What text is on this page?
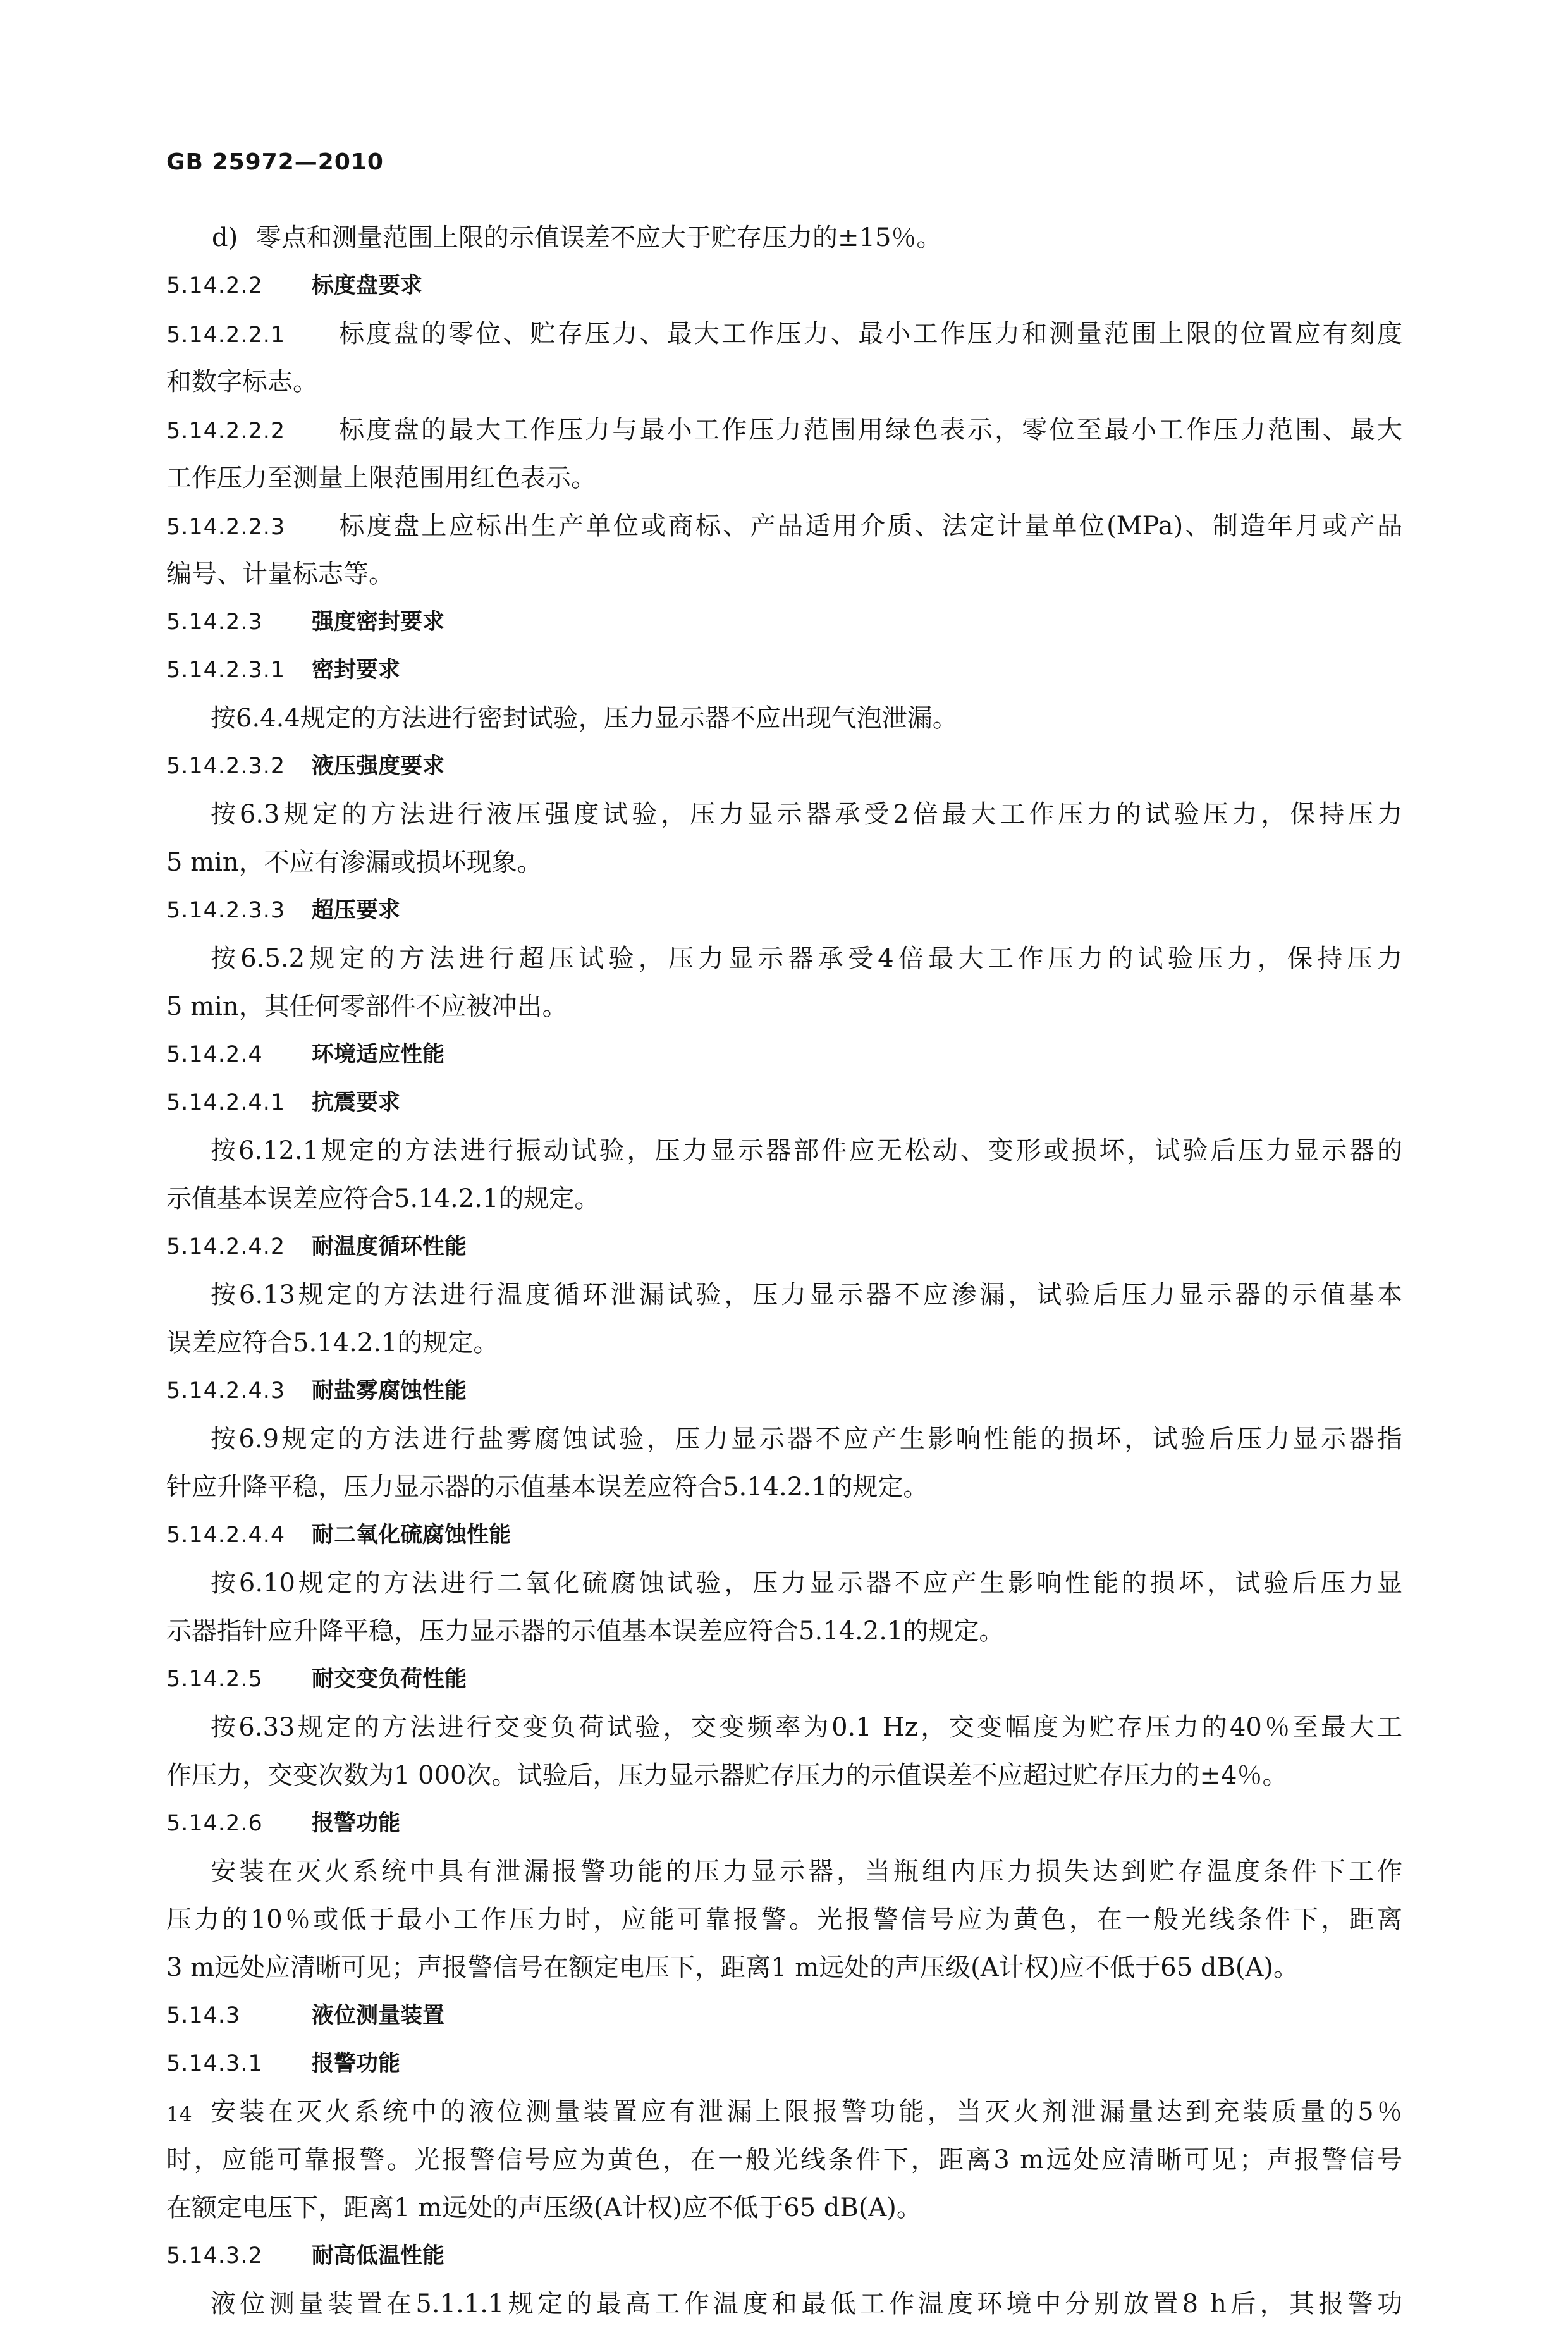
GB 25972—2010

d) 零点和测量范围上限的示值误差不应大于贮存压力的±15％。

5.14.2.2 标度盘要求

5.14.2.2.1 标度盘的零位、贮存压力、最大工作压力、最小工作压力和测量范围上限的位置应有刻度

和数字标志。

5.14.2.2.2 标度盘的最大工作压力与最小工作压力范围用绿色表示，零位至最小工作压力范围、最大

工作压力至测量上限范围用红色表示。

5.14.2.2.3 标度盘上应标出生产单位或商标、产品适用介质、法定计量单位(MPa)、制造年月或产品

编号、计量标志等。

5.14.2.3 强度密封要求

5.14.2.3.1 密封要求

按6.4.4规定的方法进行密封试验，压力显示器不应出现气泡泄漏。

5.14.2.3.2 液压强度要求

按6.3规定的方法进行液压强度试验，压力显示器承受2倍最大工作压力的试验压力，保持压力

5 min，不应有渗漏或损坏现象。

5.14.2.3.3 超压要求

按6.5.2规定的方法进行超压试验，压力显示器承受4倍最大工作压力的试验压力，保持压力

5 min，其任何零部件不应被冲出。

5.14.2.4 环境适应性能

5.14.2.4.1 抗震要求

按6.12.1规定的方法进行振动试验，压力显示器部件应无松动、变形或损坏，试验后压力显示器的

示值基本误差应符合5.14.2.1的规定。

5.14.2.4.2 耐温度循环性能

按6.13规定的方法进行温度循环泄漏试验，压力显示器不应渗漏，试验后压力显示器的示值基本

误差应符合5.14.2.1的规定。

5.14.2.4.3 耐盐雾腐蚀性能

按6.9规定的方法进行盐雾腐蚀试验，压力显示器不应产生影响性能的损坏，试验后压力显示器指

针应升降平稳，压力显示器的示值基本误差应符合5.14.2.1的规定。

5.14.2.4.4 耐二氧化硫腐蚀性能

按6.10规定的方法进行二氧化硫腐蚀试验，压力显示器不应产生影响性能的损坏，试验后压力显

示器指针应升降平稳，压力显示器的示值基本误差应符合5.14.2.1的规定。

5.14.2.5 耐交变负荷性能

按6.33规定的方法进行交变负荷试验，交变频率为0.1 Hz，交变幅度为贮存压力的40％至最大工

作压力，交变次数为1 000次。试验后，压力显示器贮存压力的示值误差不应超过贮存压力的±4％。

5.14.2.6 报警功能

安装在灭火系统中具有泄漏报警功能的压力显示器，当瓶组内压力损失达到贮存温度条件下工作

压力的10％或低于最小工作压力时，应能可靠报警。光报警信号应为黄色，在一般光线条件下，距离

3 m远处应清晰可见；声报警信号在额定电压下，距离1 m远处的声压级(A计权)应不低于65 dB(A)。

5.14.3	液位测量装置

5.14.3.1 报警功能

安装在灭火系统中的液位测量装置应有泄漏上限报警功能，当灭火剂泄漏量达到充装质量的5％

时，应能可靠报警。光报警信号应为黄色，在一般光线条件下，距离3 m远处应清晰可见；声报警信号

在额定电压下，距离1 m远处的声压级(A计权)应不低于65 dB(A)。

5.14.3.2 耐高低温性能

液位测量装置在5.1.1.1规定的最高工作温度和最低工作温度环境中分别放置8 h后，其报警功

14
